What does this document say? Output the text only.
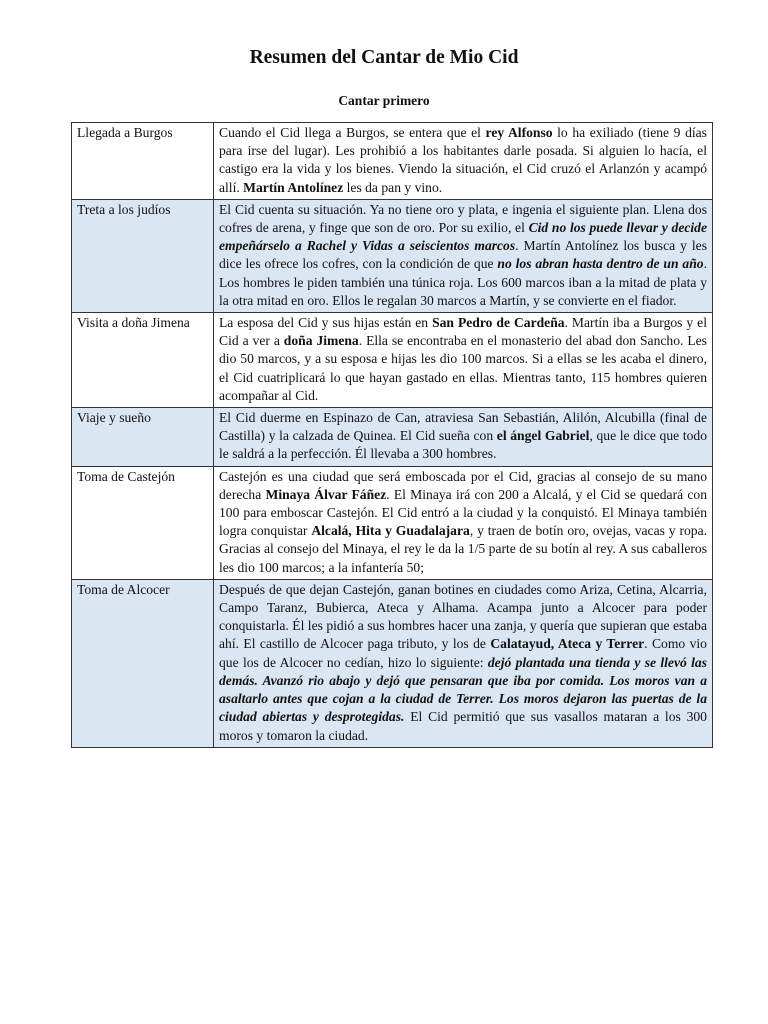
Resumen del Cantar de Mio Cid
Cantar primero
Llegada a Burgos	Cuando el Cid llega a Burgos, se entera que el rey Alfonso lo ha exiliado (tiene 9 días para irse del lugar). Les prohibió a los habitantes darle posada. Si alguien lo hacía, el castigo era la vida y los bienes. Viendo la situación, el Cid cruzó el Arlanzón y acampó allí. Martín Antolínez les da pan y vino.
Treta a los judíos	El Cid cuenta su situación. Ya no tiene oro y plata, e ingenia el siguiente plan. Llena dos cofres de arena, y finge que son de oro. Por su exilio, el Cid no los puede llevar y decide empeñárselo a Rachel y Vidas a seiscientos marcos. Martín Antolínez los busca y les dice les ofrece los cofres, con la condición de que no los abran hasta dentro de un año. Los hombres le piden también una túnica roja. Los 600 marcos iban a la mitad de plata y la otra mitad en oro. Ellos le regalan 30 marcos a Martín, y se convierte en el fiador.
Visita a doña Jimena	La esposa del Cid y sus hijas están en San Pedro de Cardeña. Martín iba a Burgos y el Cid a ver a doña Jimena. Ella se encontraba en el monasterio del abad don Sancho. Les dio 50 marcos, y a su esposa e hijas les dio 100 marcos. Si a ellas se les acaba el dinero, el Cid cuatriplicará lo que hayan gastado en ellas. Mientras tanto, 115 hombres quieren acompañar al Cid.
Viaje y sueño	El Cid duerme en Espinazo de Can, atraviesa San Sebastián, Alilón, Alcubilla (final de Castilla) y la calzada de Quinea. El Cid sueña con el ángel Gabriel, que le dice que todo le saldrá a la perfección. Él llevaba a 300 hombres.
Toma de Castejón	Castejón es una ciudad que será emboscada por el Cid, gracias al consejo de su mano derecha Minaya Álvar Fáñez. El Minaya irá con 200 a Alcalá, y el Cid se quedará con 100 para emboscar Castejón. El Cid entró a la ciudad y la conquistó. El Minaya también logra conquistar Alcalá, Hita y Guadalajara, y traen de botín oro, ovejas, vacas y ropa. Gracias al consejo del Minaya, el rey le da la 1/5 parte de su botín al rey. A sus caballeros les dio 100 marcos; a la infantería 50;
Toma de Alcocer	Después de que dejan Castejón, ganan botines en ciudades como Ariza, Cetina, Alcarria, Campo Taranz, Bubierca, Ateca y Alhama. Acampa junto a Alcocer para poder conquistarla. Él les pidió a sus hombres hacer una zanja, y quería que supieran que estaba ahí. El castillo de Alcocer paga tributo, y los de Calatayud, Ateca y Terrer. Como vio que los de Alcocer no cedían, hizo lo siguiente: dejó plantada una tienda y se llevó las demás. Avanzó rio abajo y dejó que pensaran que iba por comida. Los moros van a asaltarlo antes que cojan a la ciudad de Terrer. Los moros dejaron las puertas de la ciudad abiertas y desprotegidas. El Cid permitió que sus vasallos mataran a los 300 moros y tomaron la ciudad.
